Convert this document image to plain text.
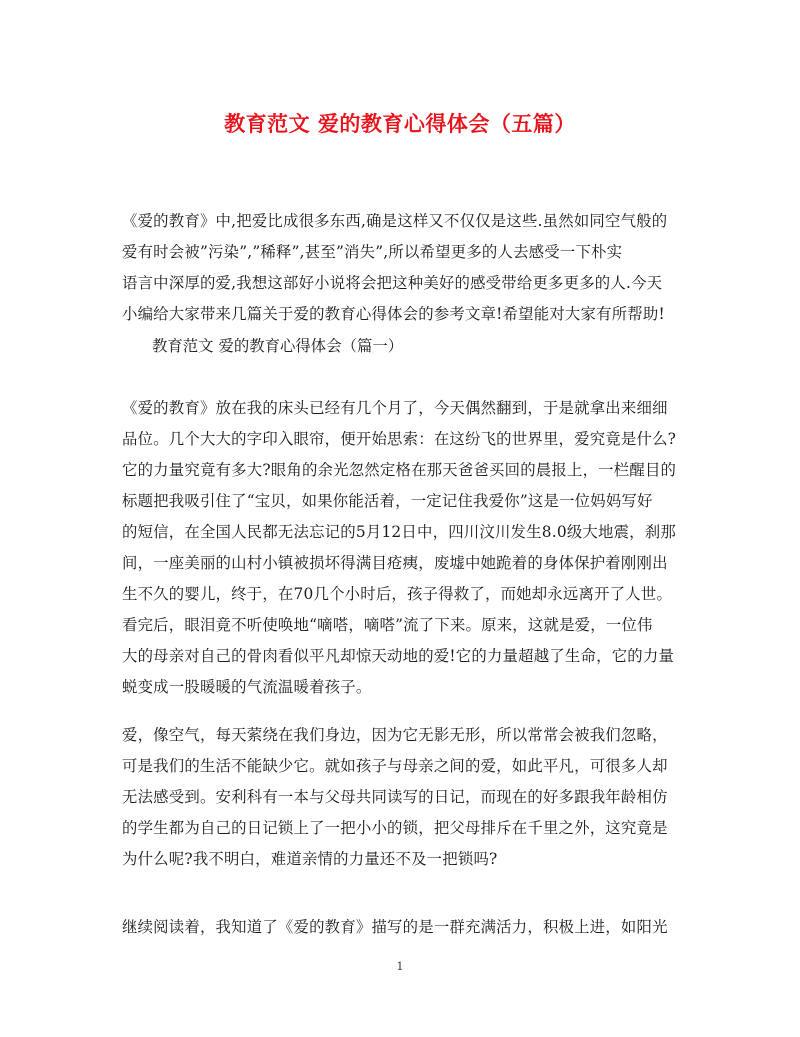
教育范文 爱的教育心得体会（五篇）
《爱的教育》中,把爱比成很多东西,确是这样又不仅仅是这些.虽然如同空气般的
爱有时会被”污染”,”稀释”,甚至”消失”,所以希望更多的人去感受一下朴实
语言中深厚的爱,我想这部好小说将会把这种美好的感受带给更多更多的人.今天
小编给大家带来几篇关于爱的教育心得体会的参考文章!希望能对大家有所帮助!
教育范文 爱的教育心得体会（篇一）
《爱的教育》放在我的床头已经有几个月了，今天偶然翻到，于是就拿出来细细
品位。几个大大的字印入眼帘，便开始思索：在这纷飞的世界里，爱究竟是什么?
它的力量究竟有多大?眼角的余光忽然定格在那天爸爸买回的晨报上，一栏醒目的
标题把我吸引住了“宝贝，如果你能活着，一定记住我爱你”这是一位妈妈写好
的短信，在全国人民都无法忘记的5月12日中，四川汶川发生8.0级大地震，刹那
间，一座美丽的山村小镇被损坏得满目疮痍，废墟中她跪着的身体保护着刚刚出
生不久的婴儿，终于，在70几个小时后，孩子得救了，而她却永远离开了人世。
看完后，眼泪竟不听使唤地“嘀嗒，嘀嗒”流了下来。原来，这就是爱，一位伟
大的母亲对自己的骨肉看似平凡却惊天动地的爱!它的力量超越了生命，它的力量
蜕变成一股暖暖的气流温暖着孩子。
爱，像空气，每天萦绕在我们身边，因为它无影无形，所以常常会被我们忽略，
可是我们的生活不能缺少它。就如孩子与母亲之间的爱，如此平凡，可很多人却
无法感受到。安利科有一本与父母共同读写的日记，而现在的好多跟我年龄相仿
的学生都为自己的日记锁上了一把小小的锁，把父母排斥在千里之外，这究竟是
为什么呢?我不明白，难道亲情的力量还不及一把锁吗?
继续阅读着，我知道了《爱的教育》描写的是一群充满活力，积极上进，如阳光
1
